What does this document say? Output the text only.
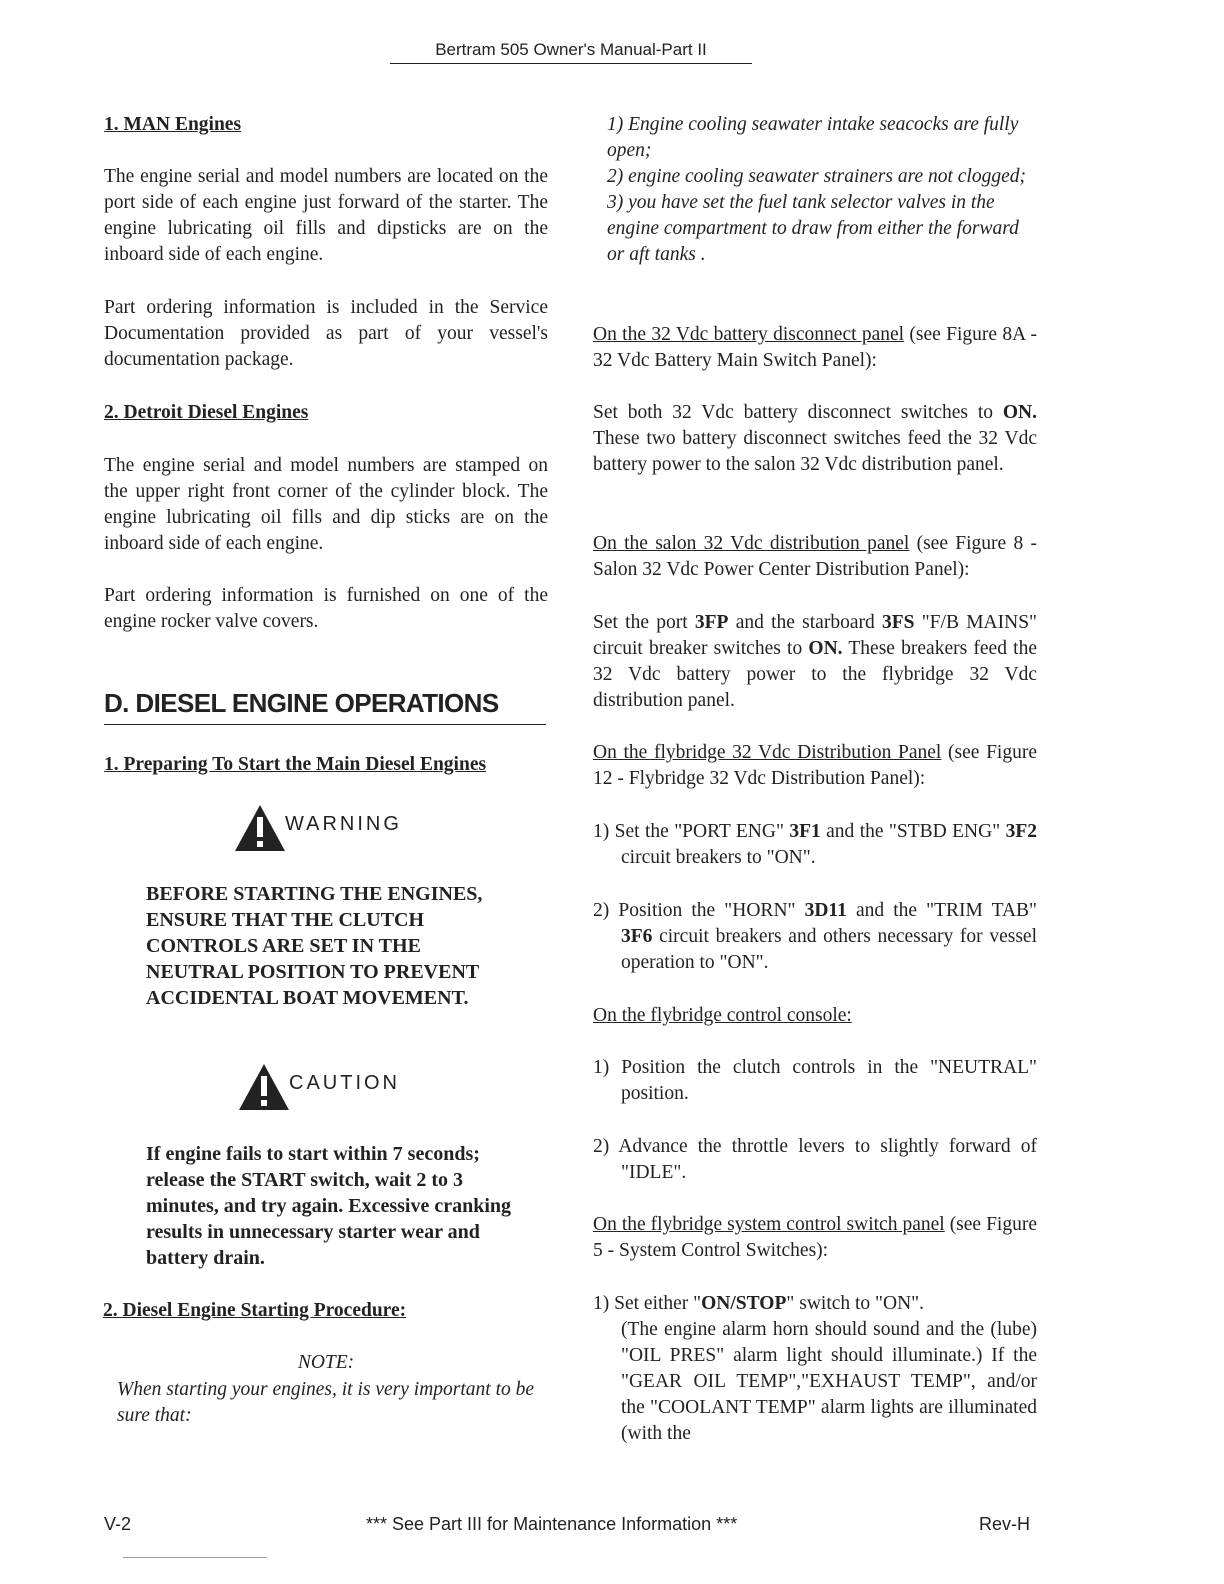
Bertram 505 Owner's Manual-Part II

1. MAN Engines

The engine serial and model numbers are located on the port side of each engine just forward of the starter. The engine lubricating oil fills and dipsticks are on the inboard side of each engine.

Part ordering information is included in the Service Documentation provided as part of your vessel's documentation package.

2. Detroit Diesel Engines

The engine serial and model numbers are stamped on the upper right front corner of the cylinder block. The engine lubricating oil fills and dip sticks are on the inboard side of each engine.

Part ordering information is furnished on one of the engine rocker valve covers.

D. DIESEL ENGINE OPERATIONS

1. Preparing To Start the Main Diesel Engines

WARNING

BEFORE STARTING THE ENGINES, ENSURE THAT THE CLUTCH CONTROLS ARE SET IN THE NEUTRAL POSITION TO PREVENT ACCIDENTAL BOAT MOVEMENT.

CAUTION

If engine fails to start within 7 seconds; release the START switch, wait 2 to 3 minutes, and try again. Excessive cranking results in unnecessary starter wear and battery drain.

2. Diesel Engine Starting Procedure:

NOTE:

When starting your engines, it is very important to be sure that:

1) Engine cooling seawater intake seacocks are fully open;

2) engine cooling seawater strainers are not clogged;

3) you have set the fuel tank selector valves in the engine compartment to draw from either the forward or aft tanks .

On the 32 Vdc battery disconnect panel (see Figure 8A - 32 Vdc Battery Main Switch Panel):

Set both 32 Vdc battery disconnect switches to ON. These two battery disconnect switches feed the 32 Vdc battery power to the salon 32 Vdc distribution panel.

On the salon 32 Vdc distribution panel (see Figure 8 - Salon 32 Vdc Power Center Distribution Panel):

Set the port 3FP and the starboard 3FS "F/B MAINS" circuit breaker switches to ON. These breakers feed the 32 Vdc battery power to the flybridge 32 Vdc distribution panel.

On the flybridge 32 Vdc Distribution Panel (see Figure 12 - Flybridge 32 Vdc Distribution Panel):

1) Set the "PORT ENG" 3F1 and the "STBD ENG" 3F2 circuit breakers to "ON".

2) Position the "HORN" 3D11 and the "TRIM TAB" 3F6 circuit breakers and others necessary for vessel operation to "ON".

On the flybridge control console:

1) Position the clutch controls in the "NEUTRAL" position.

2) Advance the throttle levers to slightly forward of "IDLE".

On the flybridge system control switch panel (see Figure 5 - System Control Switches):

1) Set either "ON/STOP" switch to "ON".

(The engine alarm horn should sound and the (lube) "OIL PRES" alarm light should illuminate.) If the "GEAR OIL TEMP","EXHAUST TEMP", and/or the "COOLANT TEMP" alarm lights are illuminated (with the

V-2	*** See Part III for Maintenance Information ***	Rev-H
